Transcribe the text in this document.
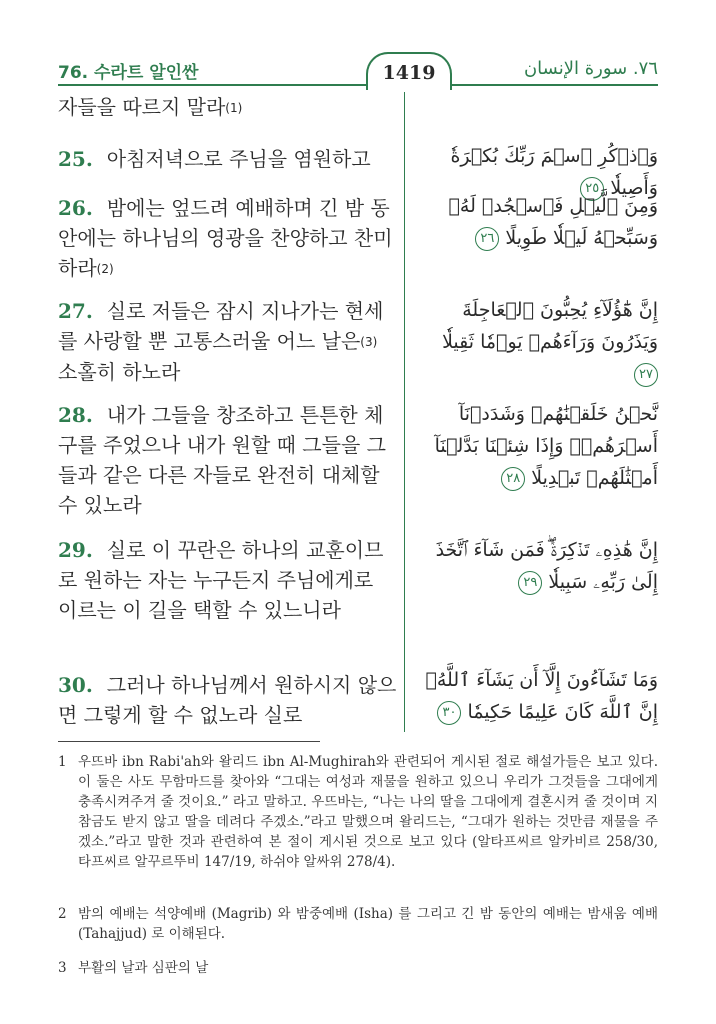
76. 수라트 알인싼	1419	٧٦. سورة الإنسان
자들을 따르지 말라(1)
25. 아침저녁으로 주님을 염원하고	وَٱذۡكُرِ ٱسۡمَ رَبِّكَ بُكۡرَةٗ وَأَصِيلٗا ٢٥
26. 밤에는 엎드려 예배하며 긴 밤 동안에는 하나님의 영광을 찬양하고 찬미하라(2)
وَمِنَ ٱلَّيۡلِ فَٱسۡجُدۡ لَهُۥ وَسَبِّحۡهُ لَيۡلٗا طَوِيلًا ٢٦
27. 실로 저들은 잠시 지나가는 현세를 사랑할 뿐 고통스러울 어느 날은(3) 소홀히 하노라
إِنَّ هَٰٓؤُلَآءِ يُحِبُّونَ ٱلۡعَاجِلَةَ وَيَذَرُونَ وَرَآءَهُمۡ يَوۡمٗا ثَقِيلٗا ٢٧
28. 내가 그들을 창조하고 튼튼한 체구를 주었으나 내가 원할 때 그들을 그들과 같은 다른 자들로 완전히 대체할 수 있노라
نَّحۡنُ خَلَقۡنَٰهُمۡ وَشَدَدۡنَآ أَسۡرَهُمۡۖ وَإِذَا شِئۡنَا بَدَّلۡنَآ أَمۡثَٰلَهُمۡ تَبۡدِيلًا ٢٨
29. 실로 이 꾸란은 하나의 교훈이므로 원하는 자는 누구든지 주님에게로 이르는 이 길을 택할 수 있느니라
إِنَّ هَٰذِهِۦ تَذۡكِرَةٞۖ فَمَن شَآءَ ٱتَّخَذَ إِلَىٰ رَبِّهِۦ سَبِيلٗا ٢٩
30. 그러나 하나님께서 원하시지 않으면 그렇게 할 수 없노라 실로
وَمَا تَشَآءُونَ إِلَّآ أَن يَشَآءَ ٱللَّهُۚ إِنَّ ٱللَّهَ كَانَ عَلِيمًا حَكِيمٗا ٣٠
1 우뜨바 ibn Rabi'ah와 왈리드 ibn Al-Mughirah와 관련되어 게시된 절로 해설가들은 보고 있다. 이 둘은 사도 무함마드를 찾아와 “그대는 여성과 재물을 원하고 있으니 우리가 그것들을 그대에게 충족시켜주겨 줄 것이요.” 라고 말하고. 우뜨바는, “나는 나의 딸을 그대에게 결혼시켜 줄 것이며 지참금도 받지 않고 딸을 데려다 주겠소.”라고 말했으며 왈리드는, “그대가 원하는 것만큼 재물을 주겠소.”라고 말한 것과 관련하여 본 절이 게시된 것으로 보고 있다 (알타프씨르 알카비르 258/30, 타프씨르 알꾸르뚜비 147/19, 하쉬야 알싸위 278/4).
2 밤의 예배는 석양예배 (Magrib) 와 밤중예배 (Isha) 를 그리고 긴 밤 동안의 예배는 밤새움 예배 (Tahajjud) 로 이해된다.
3 부활의 날과 심판의 날
